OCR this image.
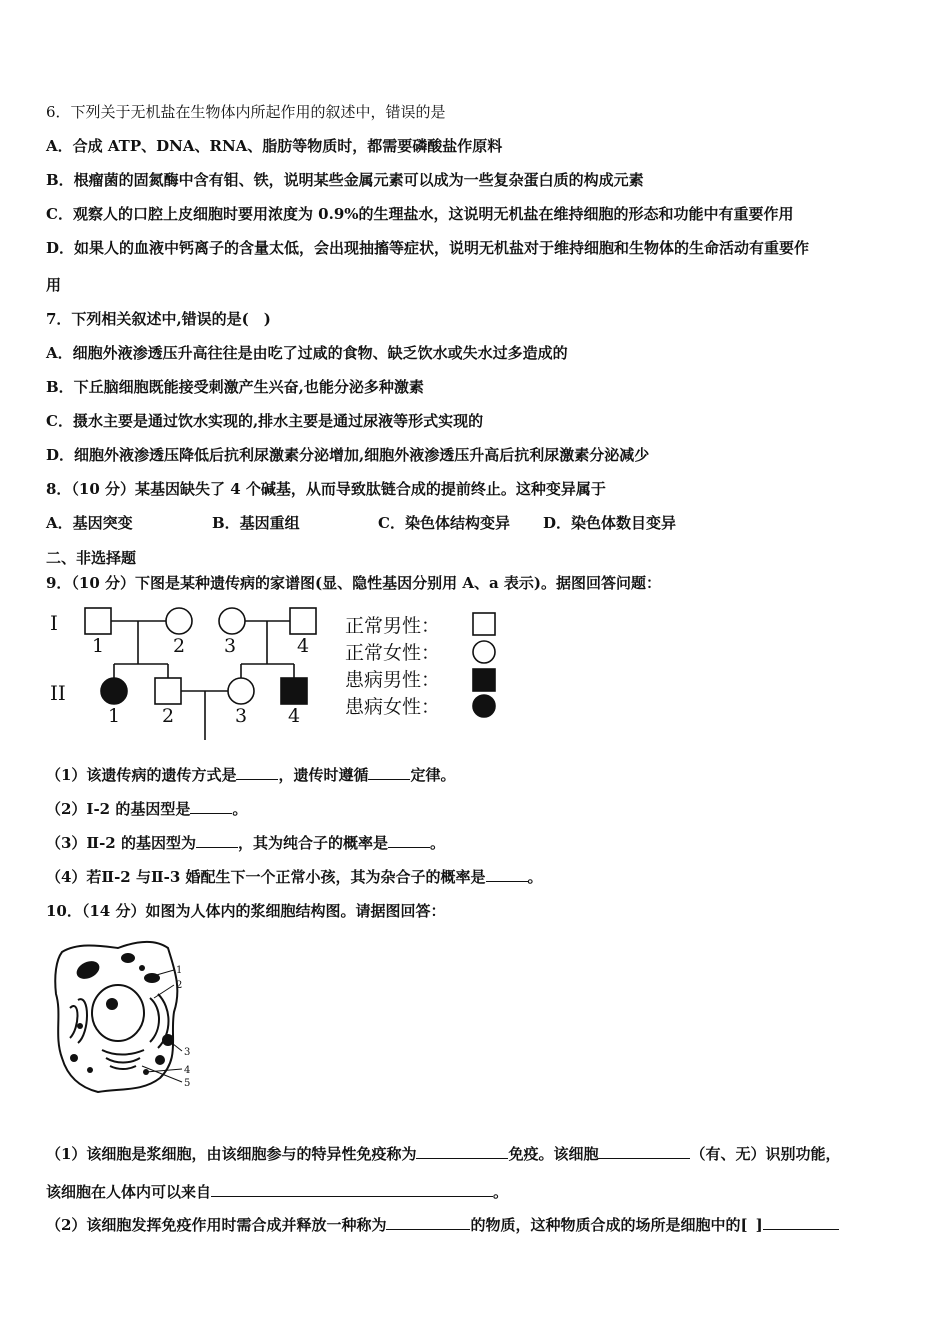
6．下列关于无机盐在生物体内所起作用的叙述中，错误的是
A．合成 ATP、DNA、RNA、脂肪等物质时，都需要磷酸盐作原料
B．根瘤菌的固氮酶中含有钼、铁，说明某些金属元素可以成为一些复杂蛋白质的构成元素
C．观察人的口腔上皮细胞时要用浓度为 0.9%的生理盐水，这说明无机盐在维持细胞的形态和功能中有重要作用
D．如果人的血液中钙离子的含量太低，会出现抽搐等症状，说明无机盐对于维持细胞和生物体的生命活动有重要作
用
7．下列相关叙述中,错误的是(　)
A．细胞外液渗透压升高往往是由吃了过咸的食物、缺乏饮水或失水过多造成的
B．下丘脑细胞既能接受刺激产生兴奋,也能分泌多种激素
C．摄水主要是通过饮水实现的,排水主要是通过尿液等形式实现的
D．细胞外液渗透压降低后抗利尿激素分泌增加,细胞外液渗透压升高后抗利尿激素分泌减少
8．（10 分）某基因缺失了 4 个碱基，从而导致肽链合成的提前终止。这种变异属于
A．基因突变	B．基因重组	C．染色体结构变异 D．染色体数目变异
二、非选择题
9．（10 分）下图是某种遗传病的家谱图(显、隐性基因分别用 A、a 表示)。据图回答问题：
I
II
1	2 3	4
1 2	3 4
正常男性：
正常女性：
患病男性：
患病女性：
（1）该遗传病的遗传方式是	，遗传时遵循	定律。
（2）Ⅰ-2 的基因型是	。
（3）Ⅱ-2 的基因型为	，其为纯合子的概率是	。
（4）若Ⅱ-2 与Ⅱ-3 婚配生下一个正常小孩，其为杂合子的概率是	。
10．（14 分）如图为人体内的浆细胞结构图。请据图回答：
1
2
3
4
5
（1）该细胞是浆细胞，由该细胞参与的特异性免疫称为	免疫。该细胞	（有、无）识别功能，
该细胞在人体内可以来自	。
（2）该细胞发挥免疫作用时需合成并释放一种称为	的物质，这种物质合成的场所是细胞中的[ ]
